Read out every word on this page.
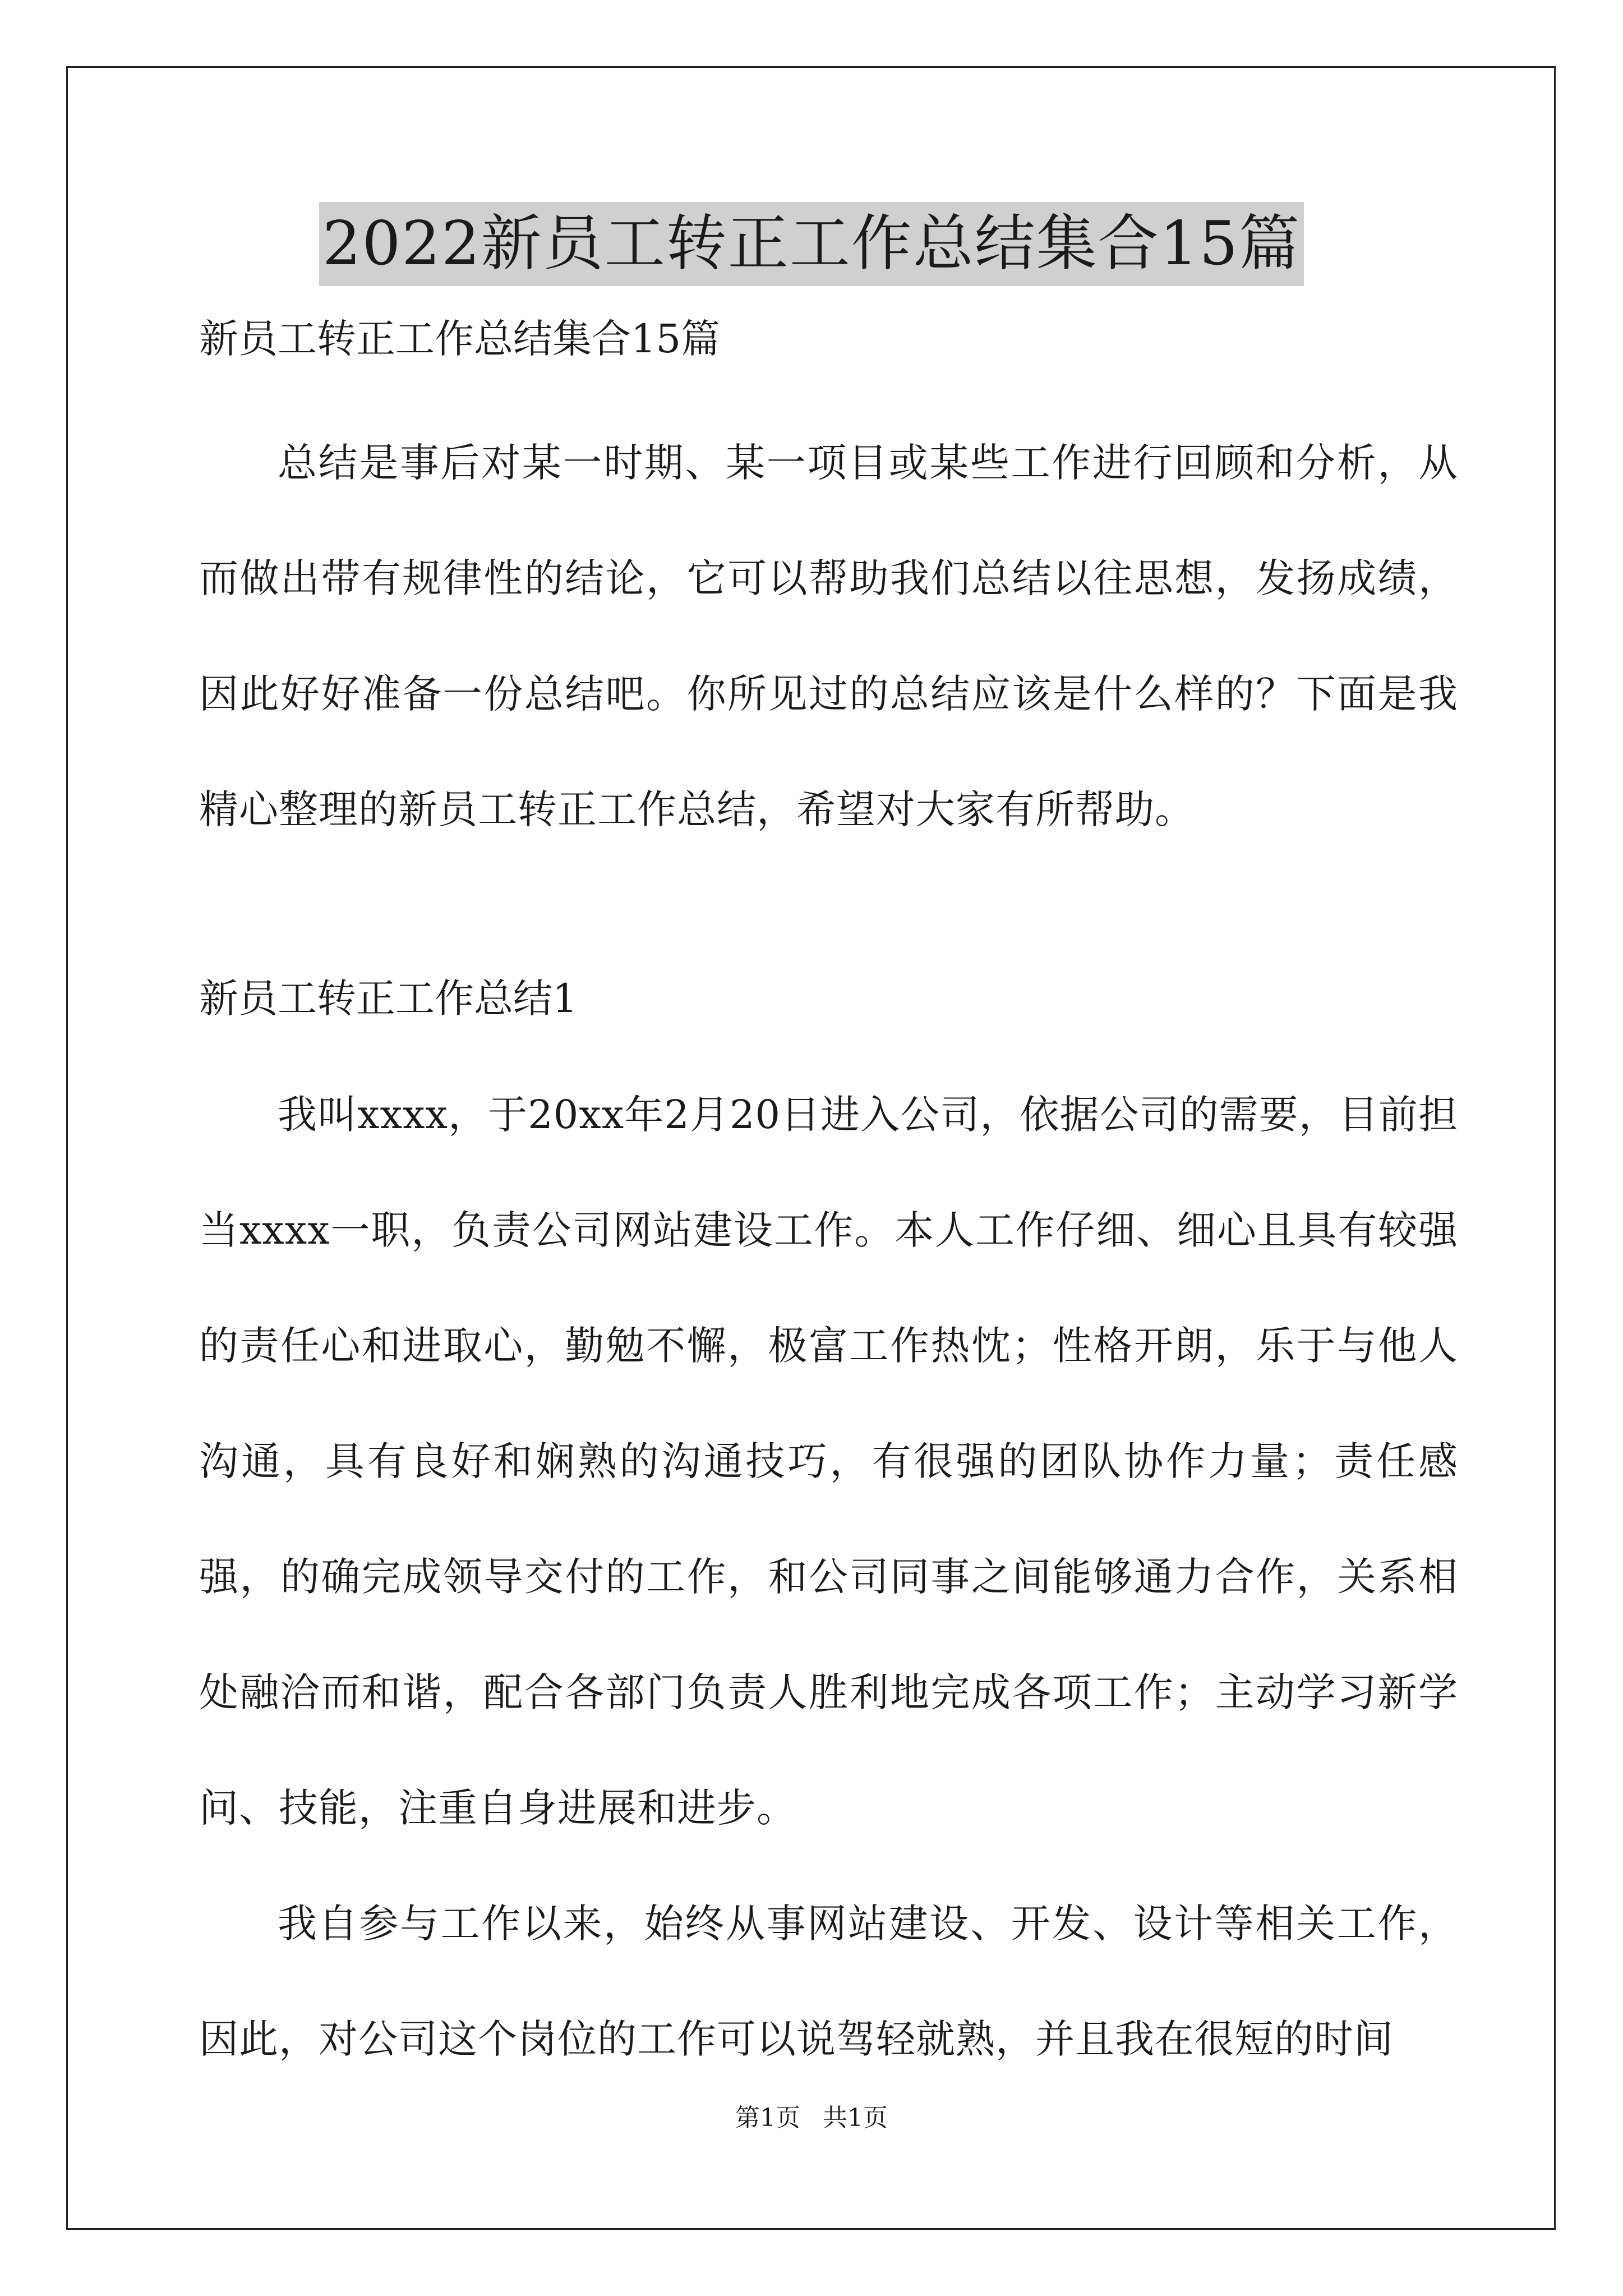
2022新员工转正工作总结集合15篇

新员工转正工作总结集合15篇

总结是事后对某一时期、某一项目或某些工作进行回顾和分析，从而做出带有规律性的结论，它可以帮助我们总结以往思想，发扬成绩，因此好好准备一份总结吧。你所见过的总结应该是什么样的？下面是我精心整理的新员工转正工作总结，希望对大家有所帮助。

新员工转正工作总结1

我叫xxxx，于20xx年2月20日进入公司，依据公司的需要，目前担当xxxx一职，负责公司网站建设工作。本人工作仔细、细心且具有较强的责任心和进取心，勤勉不懈，极富工作热忱；性格开朗，乐于与他人沟通，具有良好和娴熟的沟通技巧，有很强的团队协作力量；责任感强，的确完成领导交付的工作，和公司同事之间能够通力合作，关系相处融洽而和谐，配合各部门负责人胜利地完成各项工作；主动学习新学问、技能，注重自身进展和进步。

我自参与工作以来，始终从事网站建设、开发、设计等相关工作，因此，对公司这个岗位的工作可以说驾轻就熟，并且我在很短的时间

第1页 共1页
